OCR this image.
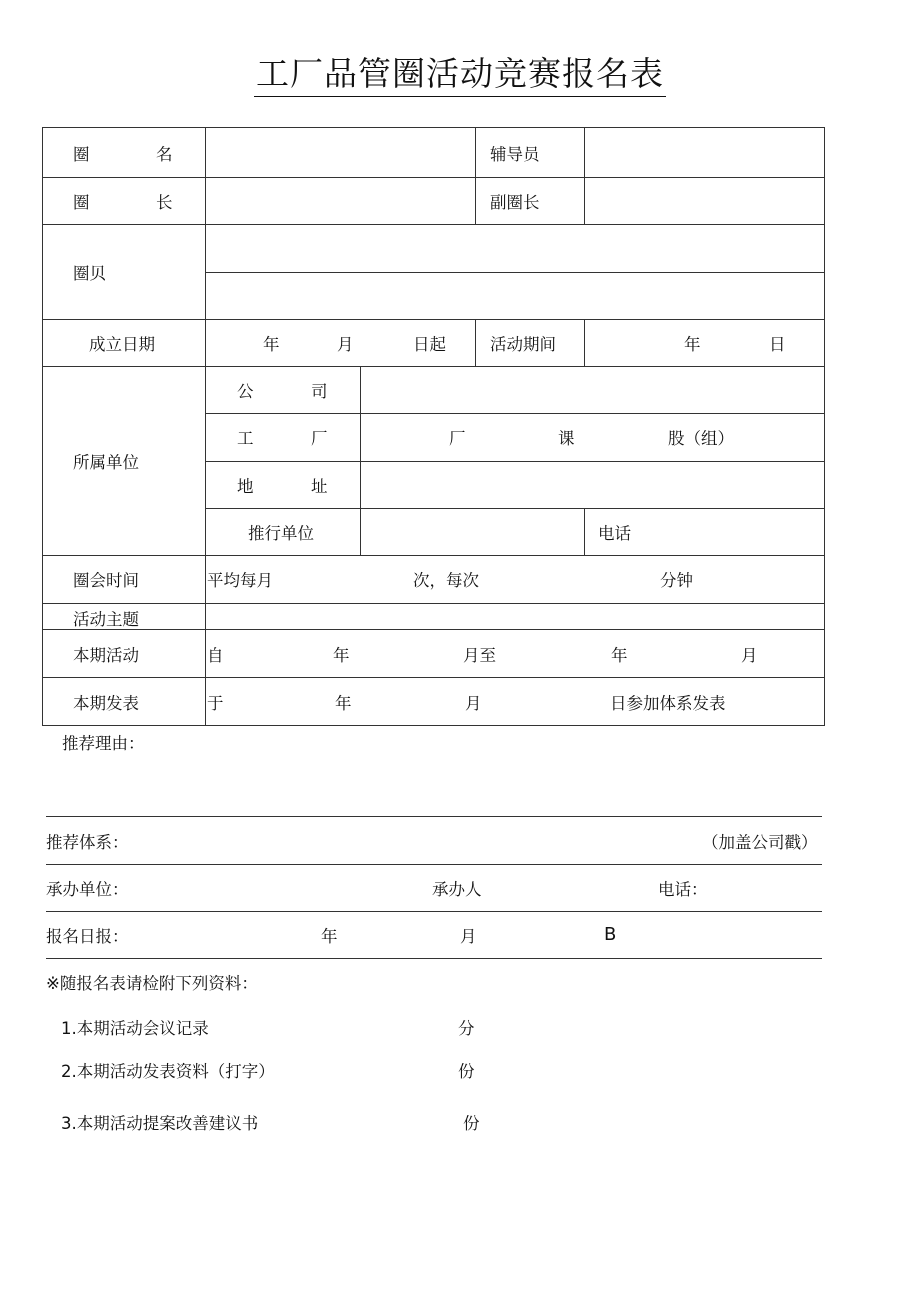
工厂品管圈活动竞赛报名表
圈	名	辅导员
圈	长	副圈长
圈贝
成立日期	年	月	日起	活动期间	年	日
所属单位
公	司
工	厂	厂	课	股（组）
地	址
推行单位	电话
圈会时间	平均每月	次，每次	分钟
活动主题
本期活动	自	年	月至	年	月
本期发表	于	年	月	日参加体系发表
推荐理由：
推荐体系：	（加盖公司戳）
承办单位：	承办人	电话：
报名日报：	年	月	B
※随报名表请检附下列资料：
1.本期活动会议记录	分
2.本期活动发表资料（打字）	份
3.本期活动提案改善建议书	份
